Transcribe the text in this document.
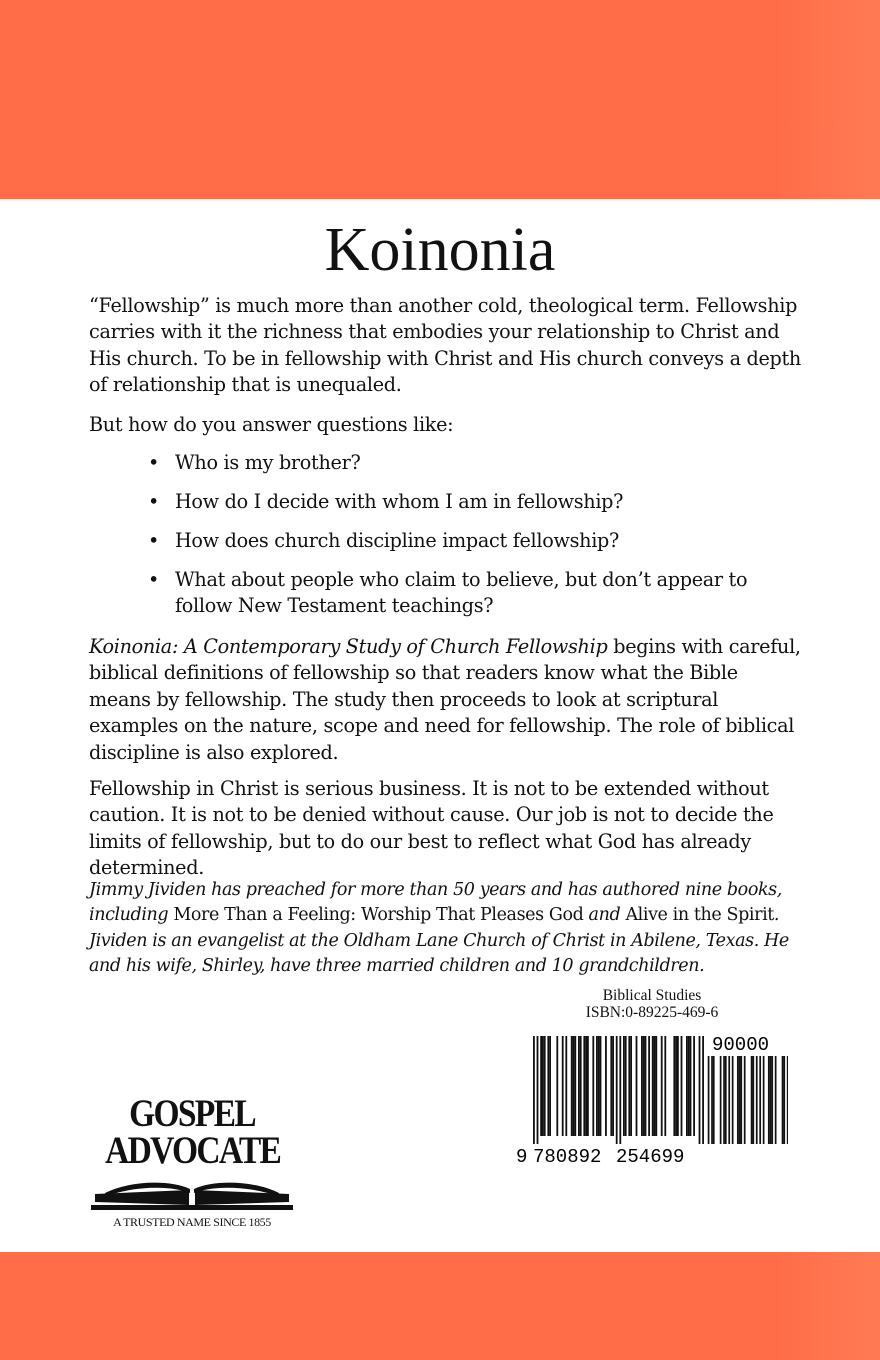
Koinonia

“Fellowship” is much more than another cold, theological term. Fellowship carries with it the richness that embodies your relationship to Christ and His church. To be in fellowship with Christ and His church conveys a depth of relationship that is unequaled.

But how do you answer questions like:

• Who is my brother?
• How do I decide with whom I am in fellowship?
• How does church discipline impact fellowship?
• What about people who claim to believe, but don’t appear to follow New Testament teachings?

Koinonia: A Contemporary Study of Church Fellowship begins with careful, biblical definitions of fellowship so that readers know what the Bible means by fellowship. The study then proceeds to look at scriptural examples on the nature, scope and need for fellowship. The role of biblical discipline is also explored.

Fellowship in Christ is serious business. It is not to be extended without caution. It is not to be denied without cause. Our job is not to decide the limits of fellowship, but to do our best to reflect what God has already determined.

Jimmy Jividen has preached for more than 50 years and has authored nine books, including More Than a Feeling: Worship That Pleases God and Alive in the Spirit. Jividen is an evangelist at the Oldham Lane Church of Christ in Abilene, Texas. He and his wife, Shirley, have three married children and 10 grandchildren.

Biblical Studies

ISBN:0-89225-469-6

9 780892 254699
90000
GOSPEL
ADVOCATE
A TRUSTED NAME SINCE 1855
